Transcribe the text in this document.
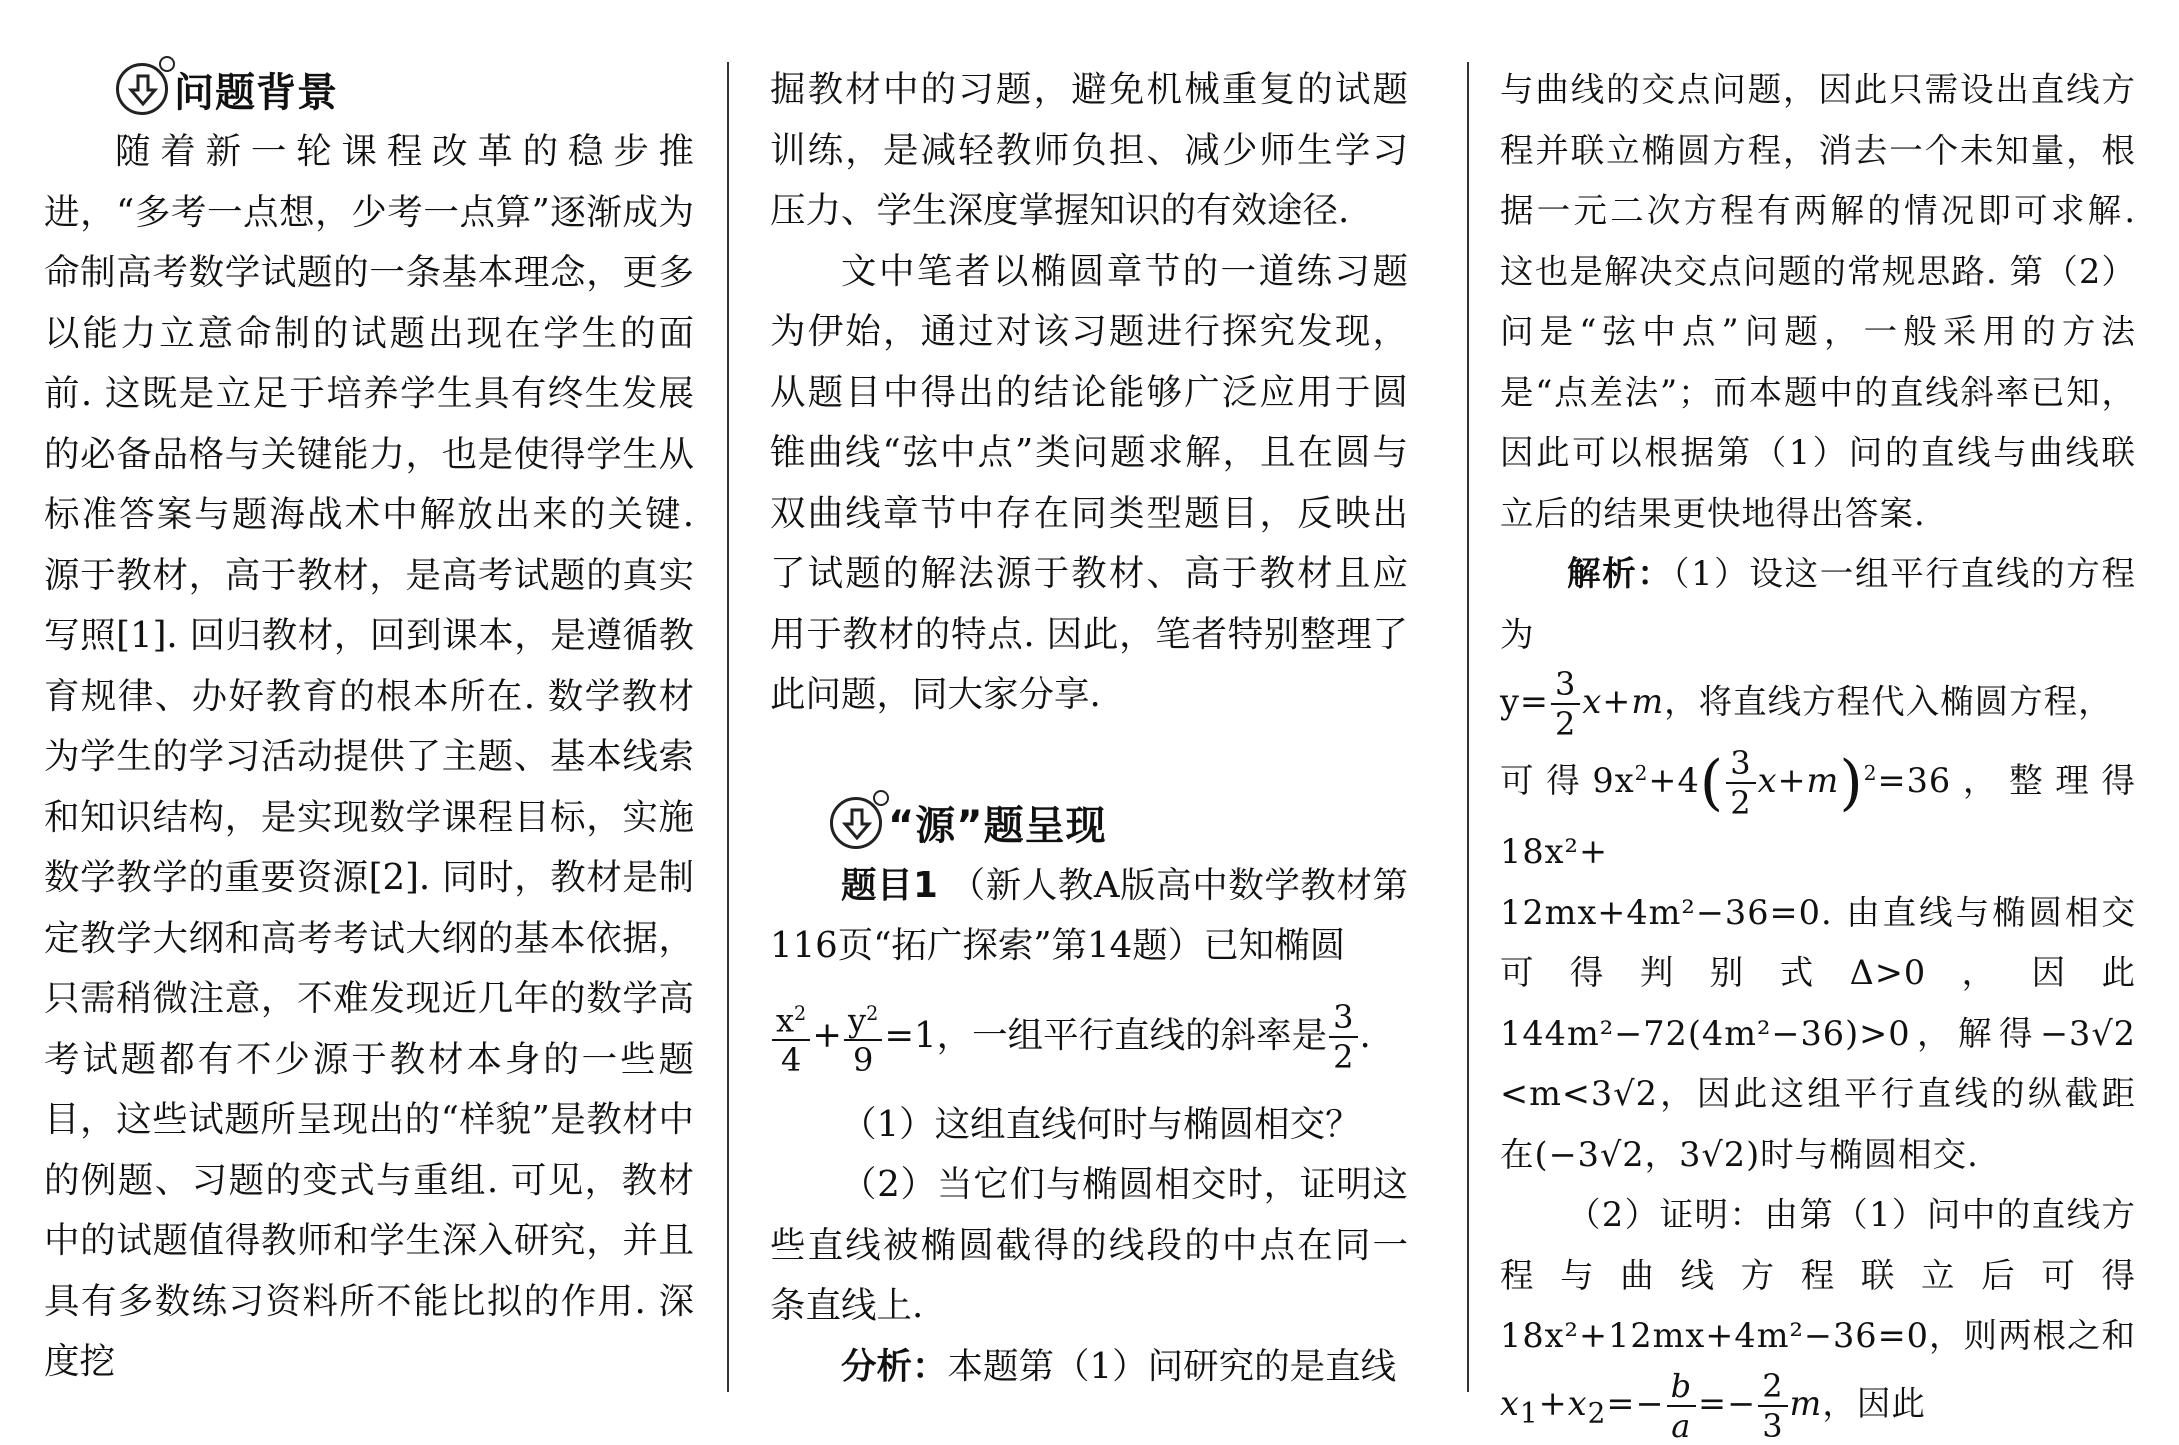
问题背景

随着新一轮课程改革的稳步推进，“多考一点想，少考一点算”逐渐成为命制高考数学试题的一条基本理念，更多以能力立意命制的试题出现在学生的面前. 这既是立足于培养学生具有终生发展的必备品格与关键能力，也是使得学生从标准答案与题海战术中解放出来的关键. 源于教材，高于教材，是高考试题的真实写照[1]. 回归教材，回到课本，是遵循教育规律、办好教育的根本所在. 数学教材为学生的学习活动提供了主题、基本线索和知识结构，是实现数学课程目标，实施数学教学的重要资源[2]. 同时，教材是制定教学大纲和高考考试大纲的基本依据，只需稍微注意，不难发现近几年的数学高考试题都有不少源于教材本身的一些题目，这些试题所呈现出的“样貌”是教材中的例题、习题的变式与重组. 可见，教材中的试题值得教师和学生深入研究，并且具有多数练习资料所不能比拟的作用. 深度挖

掘教材中的习题，避免机械重复的试题训练，是减轻教师负担、减少师生学习压力、学生深度掌握知识的有效途径.

文中笔者以椭圆章节的一道练习题为伊始，通过对该习题进行探究发现，从题目中得出的结论能够广泛应用于圆锥曲线“弦中点”类问题求解，且在圆与双曲线章节中存在同类型题目，反映出了试题的解法源于教材、高于教材且应用于教材的特点. 因此，笔者特别整理了此问题，同大家分享.

“源”题呈现

题目1 （新人教A版高中数学教材第116页“拓广探索”第14题）已知椭圆

$\frac{x^2}{4} + \frac{y^2}{9} =1$，一组平行直线的斜率是 $\frac{3}{2}$ .

（1）这组直线何时与椭圆相交？

（2）当它们与椭圆相交时，证明这些直线被椭圆截得的线段的中点在同一条直线上.

分析：本题第（1）问研究的是直线

与曲线的交点问题，因此只需设出直线方程并联立椭圆方程，消去一个未知量，根据一元二次方程有两解的情况即可求解. 这也是解决交点问题的常规思路. 第（2）问是“弦中点”问题，一般采用的方法是“点差法”；而本题中的直线斜率已知，因此可以根据第（1）问的直线与曲线联立后的结果更快地得出答案.

解析：（1）设这一组平行直线的方程为

$y= \frac{3}{2} x+m$，将直线方程代入椭圆方程，

可得$9x^2+4( \frac{3}{2} x+m)^2=36$，整理得18x²+

12mx+4m²−36=0. 由直线与椭圆相交可得判别式Δ>0，因此144m²−72(4m²−36)>0，解得−3√2 <m<3√2，因此这组平行直线的纵截距在(−3√2，3√2)时与椭圆相交.

（2）证明：由第（1）问中的直线方程与曲线方程联立后可得18x²+12mx+4m²−36=0，则两根之和

$x_1+x_2=- \frac{b}{a} =- \frac{2}{3}$ m，因此
